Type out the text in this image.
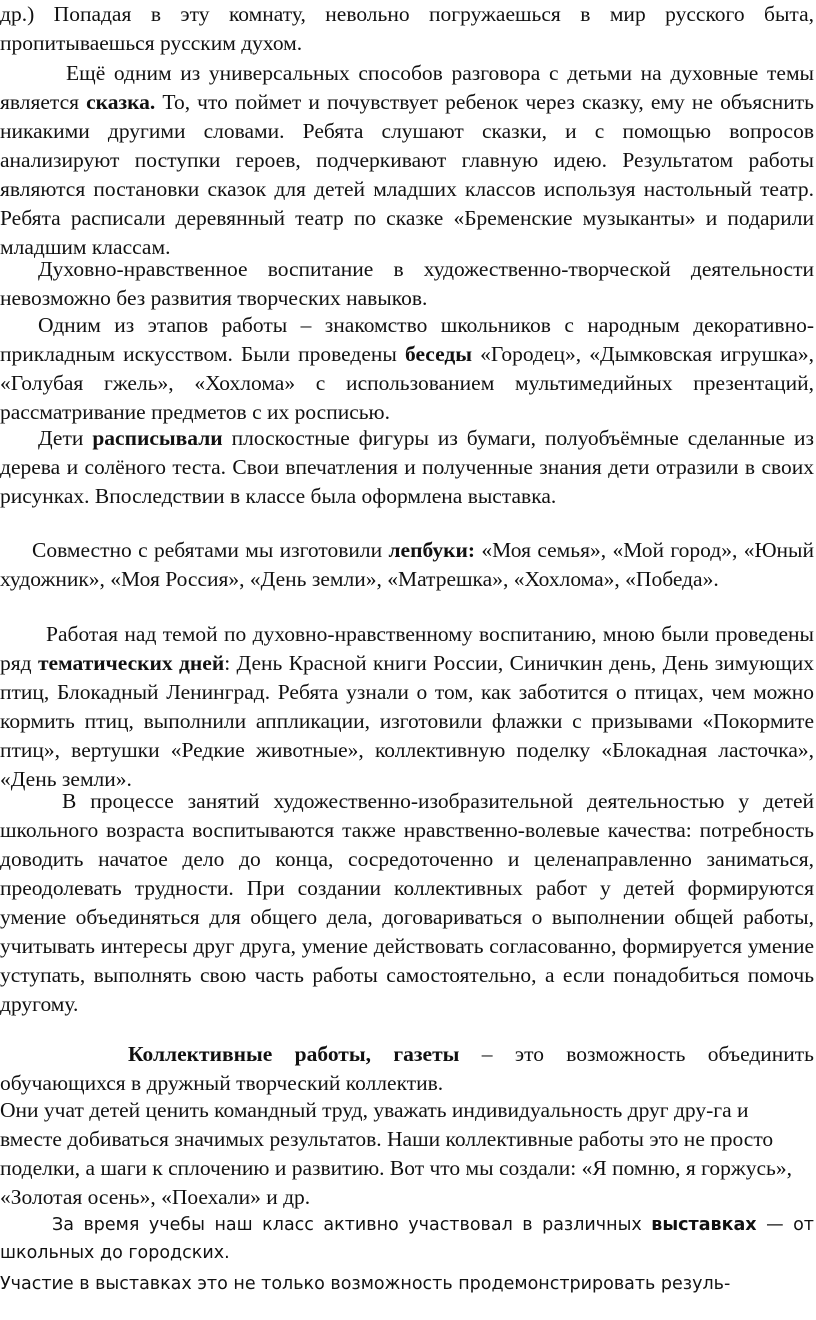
др.) Попадая в эту комнату, невольно погружаешься в мир русского быта, пропитываешься русским духом.

Ещё одним из универсальных способов разговора с детьми на духовные темы является сказка. То, что поймет и почувствует ребенок через сказку, ему не объяснить никакими другими словами. Ребята слушают сказки, и с помощью вопросов анализируют поступки героев, подчеркивают главную идею. Результатом работы являются постановки сказок для детей младших классов используя настольный театр. Ребята расписали деревянный театр по сказке «Бременские музыканты» и подарили младшим классам.

Духовно-нравственное воспитание в художественно-творческой деятельности невозможно без развития творческих навыков.

Одним из этапов работы – знакомство школьников с народным декоративно-прикладным искусством. Были проведены беседы «Городец», «Дымковская игрушка», «Голубая гжель», «Хохлома» с использованием мультимедийных презентаций, рассматривание предметов с их росписью.

Дети расписывали плоскостные фигуры из бумаги, полуобъёмные сделанные из дерева и солёного теста. Свои впечатления и полученные знания дети отразили в своих рисунках. Впоследствии в классе была оформлена выставка.

Совместно с ребятами мы изготовили лепбуки: «Моя семья», «Мой город», «Юный художник», «Моя Россия», «День земли», «Матрешка», «Хохлома», «Победа».

Работая над темой по духовно-нравственному воспитанию, мною были проведены ряд тематических дней: День Красной книги России, Синичкин день, День зимующих птиц, Блокадный Ленинград. Ребята узнали о том, как заботится о птицах, чем можно кормить птиц, выполнили аппликации, изготовили флажки с призывами «Покормите птиц», вертушки «Редкие животные», коллективную поделку «Блокадная ласточка», «День земли».

В процессе занятий художественно-изобразительной деятельностью у детей школьного возраста воспитываются также нравственно-волевые качества: потребность доводить начатое дело до конца, сосредоточенно и целенаправленно заниматься, преодолевать трудности. При создании коллективных работ у детей формируются умение объединяться для общего дела, договариваться о выполнении общей работы, учитывать интересы друг друга, умение действовать согласованно, формируется умение уступать, выполнять свою часть работы самостоятельно, а если понадобиться помочь другому.

Коллективные работы, газеты – это возможность объединить обучающихся в дружный творческий коллектив.

Они учат детей ценить командный труд, уважать индивидуальность друг дру-га и вместе добиваться значимых результатов. Наши коллективные работы это не просто поделки, а шаги к сплочению и развитию. Вот что мы создали: «Я помню, я горжусь», «Золотая осень», «Поехали» и др.

За время учебы наш класс активно участвовал в различных выставках — от школьных до городских.

Участие в выставках это не только возможность продемонстрировать резуль-
